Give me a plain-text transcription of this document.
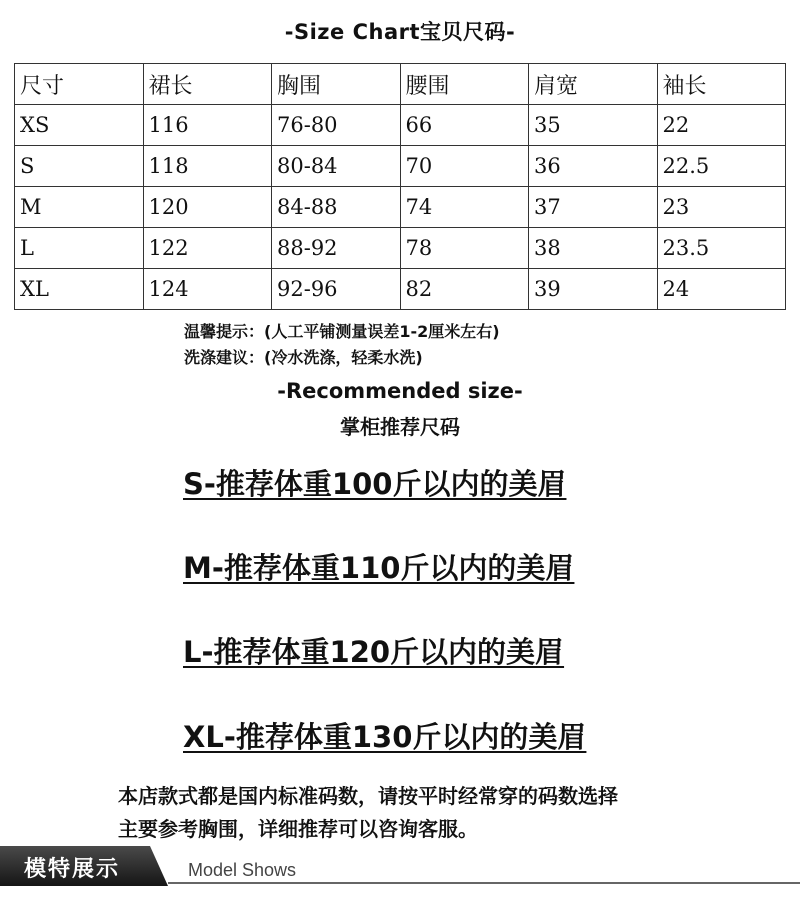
-Size Chart宝贝尺码-
尺寸	裙长	胸围	腰围	肩宽	袖长
XS	116	76-80	66	35	22
S	118	80-84	70	36	22.5
M	120	84-88	74	37	23
L	122	88-92	78	38	23.5
XL	124	92-96	82	39	24
温馨提示：(人工平铺测量误差1-2厘米左右)
洗涤建议：(冷水洗涤，轻柔水洗)
-Recommended size-
掌柜推荐尺码
S-推荐体重100斤以内的美眉
M-推荐体重110斤以内的美眉
L-推荐体重120斤以内的美眉
XL-推荐体重130斤以内的美眉
本店款式都是国内标准码数，请按平时经常穿的码数选择
主要参考胸围，详细推荐可以咨询客服。
模特展示	Model Shows
